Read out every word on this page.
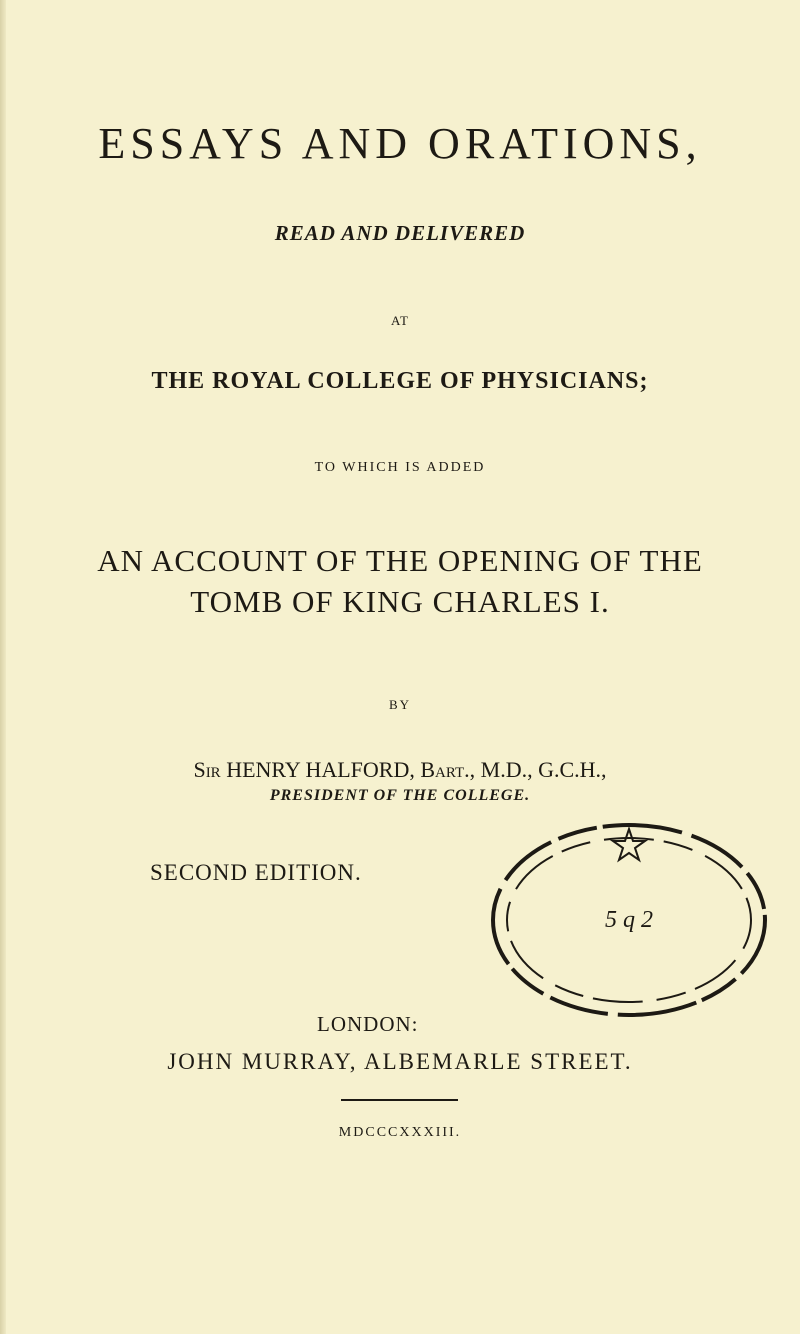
ESSAYS AND ORATIONS,
READ AND DELIVERED
AT
THE ROYAL COLLEGE OF PHYSICIANS;
TO WHICH IS ADDED
AN ACCOUNT OF THE OPENING OF THE
TOMB OF KING CHARLES I.
BY
Sir HENRY HALFORD, Bart., M.D., G.C.H.,
PRESIDENT OF THE COLLEGE.
SECOND EDITION.
5 q 2
LONDON:
JOHN MURRAY, ALBEMARLE STREET.
MDCCCXXXIII.
